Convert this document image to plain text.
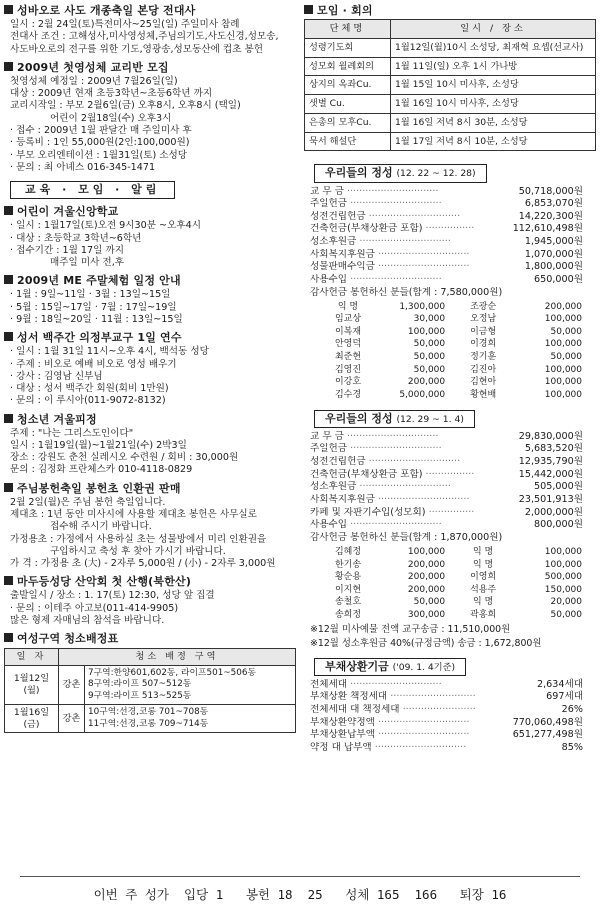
성바오로 사도 개종축일 본당 전대사
일시 : 2월 24일(토)특전미사~25일(일) 주일미사 참례
전대사 조건 : 고해성사,미사영성체,주님의기도,사도신경,성모송,
사도바오로의 전구를 위한 기도,영광송,성모동산에 컵초 봉헌
2009년 첫영성체 교리반 모집
첫영성체 예정일 : 2009년 7월26일(일)
대상 : 2009년 현재 초등3학년~초등6학년 까지
교리시작일 : 부모 2월6일(금) 오후8시, 오후8시 (택일)
어린이 2월18일(수) 오후3시
· 접수 : 2009년 1월 판달간 매 주일미사 후
· 등록비 : 1인 55,000원(2인:100,000원)
· 부모 오리엔테이션 : 1월31일(토) 소성당
· 문의 : 최 아녜스 016-345-1471
교육 · 모임 · 알림
어린이 겨울신앙학교
· 일시 : 1월17일(토)오전 9시30분 ~오후4시
· 대상 : 초등학교 3학년~6학년
· 접수기간 : 1월 17일 까지
매주일 미사 전,후
2009년 ME 주말체험 일정 안내
· 1월 : 9일~11일 · 3월 : 13일~15일
· 5월 : 15일~17일 · 7월 : 17일~19일
· 9월 : 18일~20일 · 11월 : 13일~15일
성서 백주간 의정부교구 1일 연수
· 일시 : 1월 31일 11시~오후 4시, 백석동 성당
· 주제 : 비오로 예배 비오로 영성 배우기
· 강사 : 김영남 신부님
· 대상 : 성서 백주간 회원(회비 1만원)
· 문의 : 이 루시아(011-9072-8132)
청소년 겨울피정
주제 : "나는 그리스도인이다"
일시 : 1월19일(월)~1월21일(수) 2박3일
장소 : 강원도 춘천 실레시오 수련원 / 회비 : 30,000원
문의 : 김정화 프란체스카 010-4118-0829
주님봉헌축일 봉헌초 인환권 판매
2월 2일(월)은 주님 봉헌 축일입니다.
제대초 : 1년 동안 미사시에 사용할 제대초 봉헌은 사무실로
접수해 주시기 바랍니다.
가정용초 : 가정에서 사용하실 초는 성물방에서 미리 인환권을
구입하시고 축성 후 찾아 가시기 바랍니다.
가 격 : 가정용 초 (大) - 2자루 5,000원 / (小) - 2자루 3,000원
마두등성당 산악회 첫 산행(북한산)
출발일시 / 장소 : 1. 17(토) 12:30, 성당 앞 집결
· 문의 : 이테주 아고보(011-414-9905)
많은 형제 자매님의 참석을 바랍니다.
여성구역 청소배정표
일 자	청소 배정 구역	
1월12일(월)	강촌	7구역:한양601,602동, 라이프501~506동
8구역:라이프 507~512동
9구역:라이프 513~525동

1월16일(금)	강촌	10구역:선경,코롱 701~708동
11구역:선경,코롱 709~714동
모임 · 회의
단체명	일시 / 장소
성령기도회	1월12일(월)10시 소성당, 최재혁 요셉(선교사)
성모회 월례회의	1월 11일(일) 오후 1시 가나방
상지의 옥좌Cu.	1월 15일 10시 미사후, 소성당
샛별 Cu.	1월 16일 10시 미사후, 소성당
은총의 모후Cu.	1월 16일 저녁 8시 30분, 소성당
묵서 해설단	1월 17일 저녁 8시 10분, 소성당
우리들의 정성 (12. 22 ~ 12. 28)
교 무 금 ·····	50,718,000원
주일헌금 ·····	6,853,070원
성전건립헌금 ·····	14,220,300원
건축헌금(부채상환금 포함) ·····	112,610,498원
성소후원금 ·····	1,945,000원
사회복지후원금 ·····	1,070,000원
성물판매수익금 ·····	1,800,000원
사용수입 ·····	650,000원
감사헌금 봉헌하신 분들(합계 : 7,580,000원)
익 명	1,300,000	조광순	200,000
임교상	30,000	오정남	100,000
이복재	100,000	이금형	50,000
안영덕	50,000	이경희	100,000
최준현	50,000	정기훈	50,000
김영진	50,000	김진아	100,000
이강호	200,000	김현아	100,000
김수경	5,000,000	황현배	100,000
우리들의 정성 (12. 29 ~ 1. 4)
교 무 금 ·····	29,830,000원
주일헌금 ·····	5,683,520원
성전건립헌금 ·····	12,935,790원
건축헌금(부채상환금 포함) ·····	15,442,000원
성소후원금 ·····	505,000원
사회복지후원금 ·····	23,501,913원
카페 및 자판기수입(성모회) ·····	2,000,000원
사용수입 ·····	800,000원
감사헌금 봉헌하신 분들(합계 : 1,870,000원)
김혜정	100,000	익 명	100,000
한기송	200,000	익 명	100,000
황순용	200,000	이영희	500,000
이지현	200,000	석용주	150,000
송철호	50,000	익 명	20,000
송희정	300,000	곽홍희	50,000
※12월 미사예물 전액 교구송금 : 11,510,000원
※12월 성소후원금 40%(규정금액) 송금 : 1,672,800원
부채상환기금 ('09. 1. 4기준)
전체세대 ·····	2,634세대
부채상환 책정세대 ·····	697세대
전체세대 대 책정세대 ·····	26%
부채상환약정액 ·····	770,060,498원
부채상환납부액 ·····	651,277,498원
약정 대 납부액 ·····	85%
이번 주 성가  입당 1   봉헌 18  25   성체 165  166   퇴장 16
